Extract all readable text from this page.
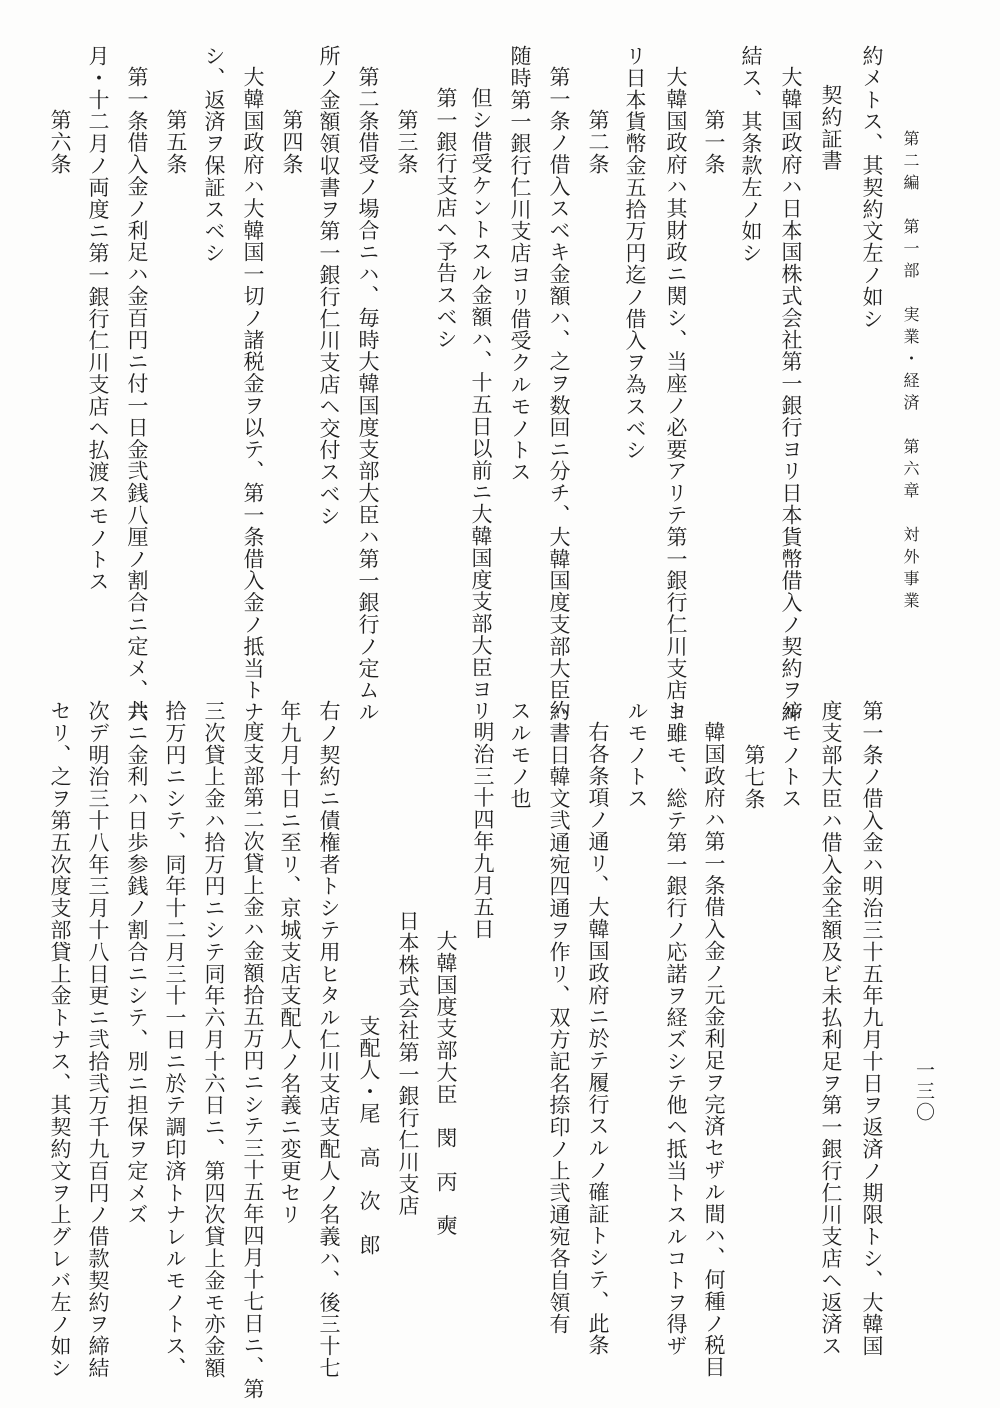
第二編　第一部　実業・経済　第六章　対外事業
一三〇
約メトス、其契約文左ノ如シ
契約証書
大韓国政府ハ日本国株式会社第一銀行ヨリ日本貨幣借入ノ契約ヲ締
結ス、其条款左ノ如シ
第一条
大韓国政府ハ其財政ニ関シ、当座ノ必要アリテ第一銀行仁川支店ヨ
リ日本貨幣金五拾万円迄ノ借入ヲ為スベシ
第二条
第一条ノ借入スベキ金額ハ、之ヲ数回ニ分チ、大韓国度支部大臣ハ
随時第一銀行仁川支店ヨリ借受クルモノトス
但シ借受ケントスル金額ハ、十五日以前ニ大韓国度支部大臣ヨリ
第一銀行支店ヘ予告スベシ
第三条
第二条借受ノ場合ニハ、毎時大韓国度支部大臣ハ第一銀行ノ定ムル
所ノ金額領収書ヲ第一銀行仁川支店ヘ交付スベシ
第四条
大韓国政府ハ大韓国一切ノ諸税金ヲ以テ、第一条借入金ノ抵当トナ
シ、返済ヲ保証スベシ
第五条
第一条借入金ノ利足ハ金百円ニ付一日金弐銭八厘ノ割合ニ定メ、六
月・十二月ノ両度ニ第一銀行仁川支店ヘ払渡スモノトス
第六条
第一条ノ借入金ハ明治三十五年九月十日ヲ返済ノ期限トシ、大韓国
度支部大臣ハ借入金全額及ビ未払利足ヲ第一銀行仁川支店ヘ返済ス
ルモノトス
第七条
韓国政府ハ第一条借入金ノ元金利足ヲ完済セザル間ハ、何種ノ税目
ト雖モ、総テ第一銀行ノ応諾ヲ経ズシテ他ヘ抵当トスルコトヲ得ザ
ルモノトス
右各条項ノ通リ、大韓国政府ニ於テ履行スルノ確証トシテ、此条
約書日韓文弐通宛四通ヲ作リ、双方記名捺印ノ上弐通宛各自領有
スルモノ也
明治三十四年九月五日
大韓国度支部大臣　閔　丙　奭
日本株式会社第一銀行仁川支店
支配人・尾　高　次　郎
右ノ契約ニ債権者トシテ用ヒタル仁川支店支配人ノ名義ハ、後三十七
年九月十日ニ至リ、京城支店支配人ノ名義ニ変更セリ
度支部第二次貸上金ハ金額拾五万円ニシテ三十五年四月十七日ニ、第
三次貸上金ハ拾万円ニシテ同年六月十六日ニ、第四次貸上金モ亦金額
拾万円ニシテ、同年十二月三十一日ニ於テ調印済トナレルモノトス、
共ニ金利ハ日歩参銭ノ割合ニシテ、別ニ担保ヲ定メズ
次デ明治三十八年三月十八日更ニ弐拾弐万千九百円ノ借款契約ヲ締結
セリ、之ヲ第五次度支部貸上金トナス、其契約文ヲ上グレバ左ノ如シ
